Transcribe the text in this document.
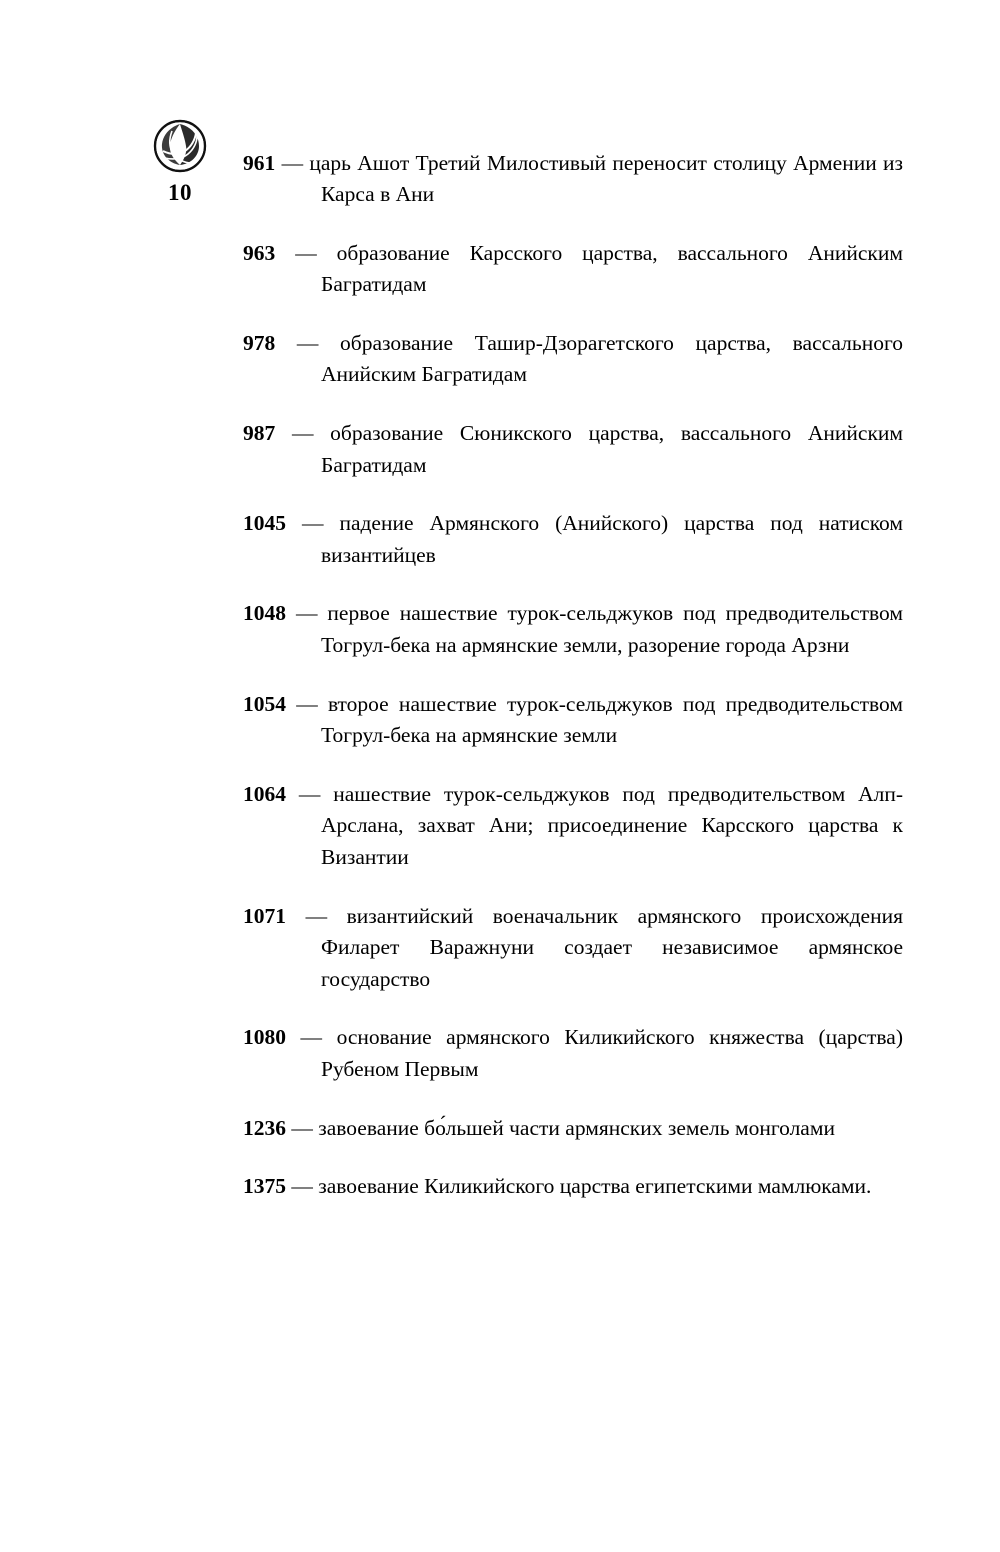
10

961 — царь Ашот Третий Милостивый переносит столицу Армении из Карса в Ани

963 — образование Карсского царства, вассального Анийским Багратидам

978 — образование Ташир-Дзорагетского царства, вассального Анийским Багратидам

987 — образование Сюникского царства, вассального Анийским Багратидам

1045 — падение Армянского (Анийского) царства под натиском византийцев

1048 — первое нашествие турок-сельджуков под предводительством Тогрул-бека на армянские земли, разорение города Арзни

1054 — второе нашествие турок-сельджуков под предводительством Тогрул-бека на армянские земли

1064 — нашествие турок-сельджуков под предводительством Алп-Арслана, захват Ани; присоединение Карсского царства к Византии

1071 — византийский военачальник армянского происхождения Филарет Варажнуни создает независимое армянское государство

1080 — основание армянского Киликийского княжества (царства) Рубеном Первым

1236 — завоевание бо́льшей части армянских земель монголами

1375 — завоевание Киликийского царства египетскими мамлюками.
